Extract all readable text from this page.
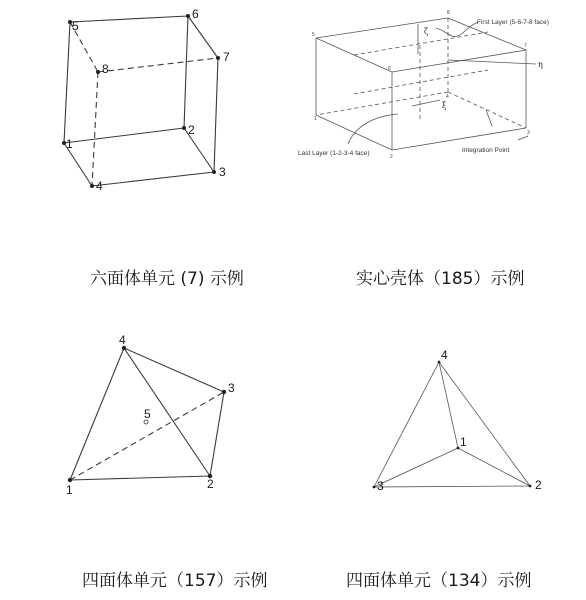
1
2
3
4
5
6
7
8
First Layer (5-6-7-8 face)
Last Layer (1-2-3-4 face)	Integration Point
1
2
3
4
5
6
7
8
ξ
η
ζ
1	2
3
4
5
1
2
3
4
六面体单元 (7) 示例	实心壳体（185）示例
四面体单元（157）示例	四面体单元（134）示例
